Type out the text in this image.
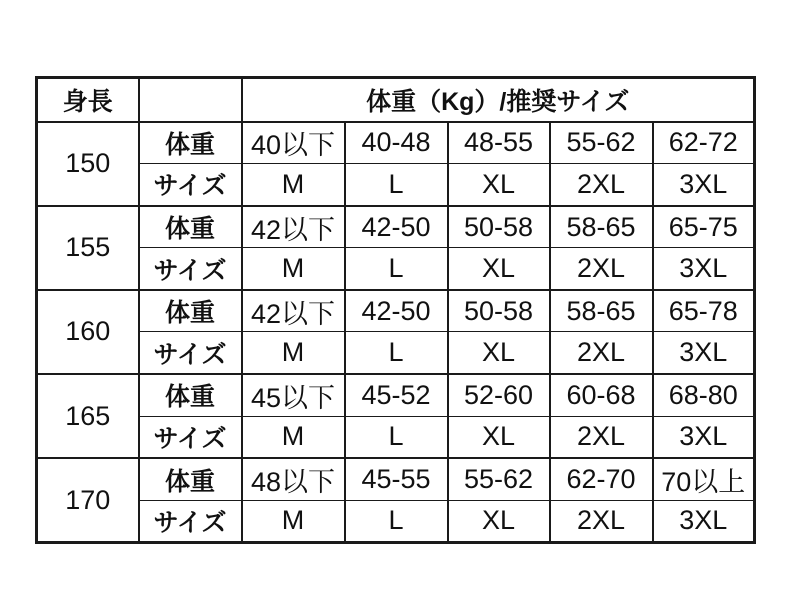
身長		体重（Kg）/推奨サイズ				
150	体重	40以下	40-48	48-55	55-62	62-72
	サイズ	M	L	XL	2XL	3XL
155	体重	42以下	42-50	50-58	58-65	65-75
	サイズ	M	L	XL	2XL	3XL
160	体重	42以下	42-50	50-58	58-65	65-78
	サイズ	M	L	XL	2XL	3XL
165	体重	45以下	45-52	52-60	60-68	68-80
	サイズ	M	L	XL	2XL	3XL
170	体重	48以下	45-55	55-62	62-70	70以上
	サイズ	M	L	XL	2XL	3XL
